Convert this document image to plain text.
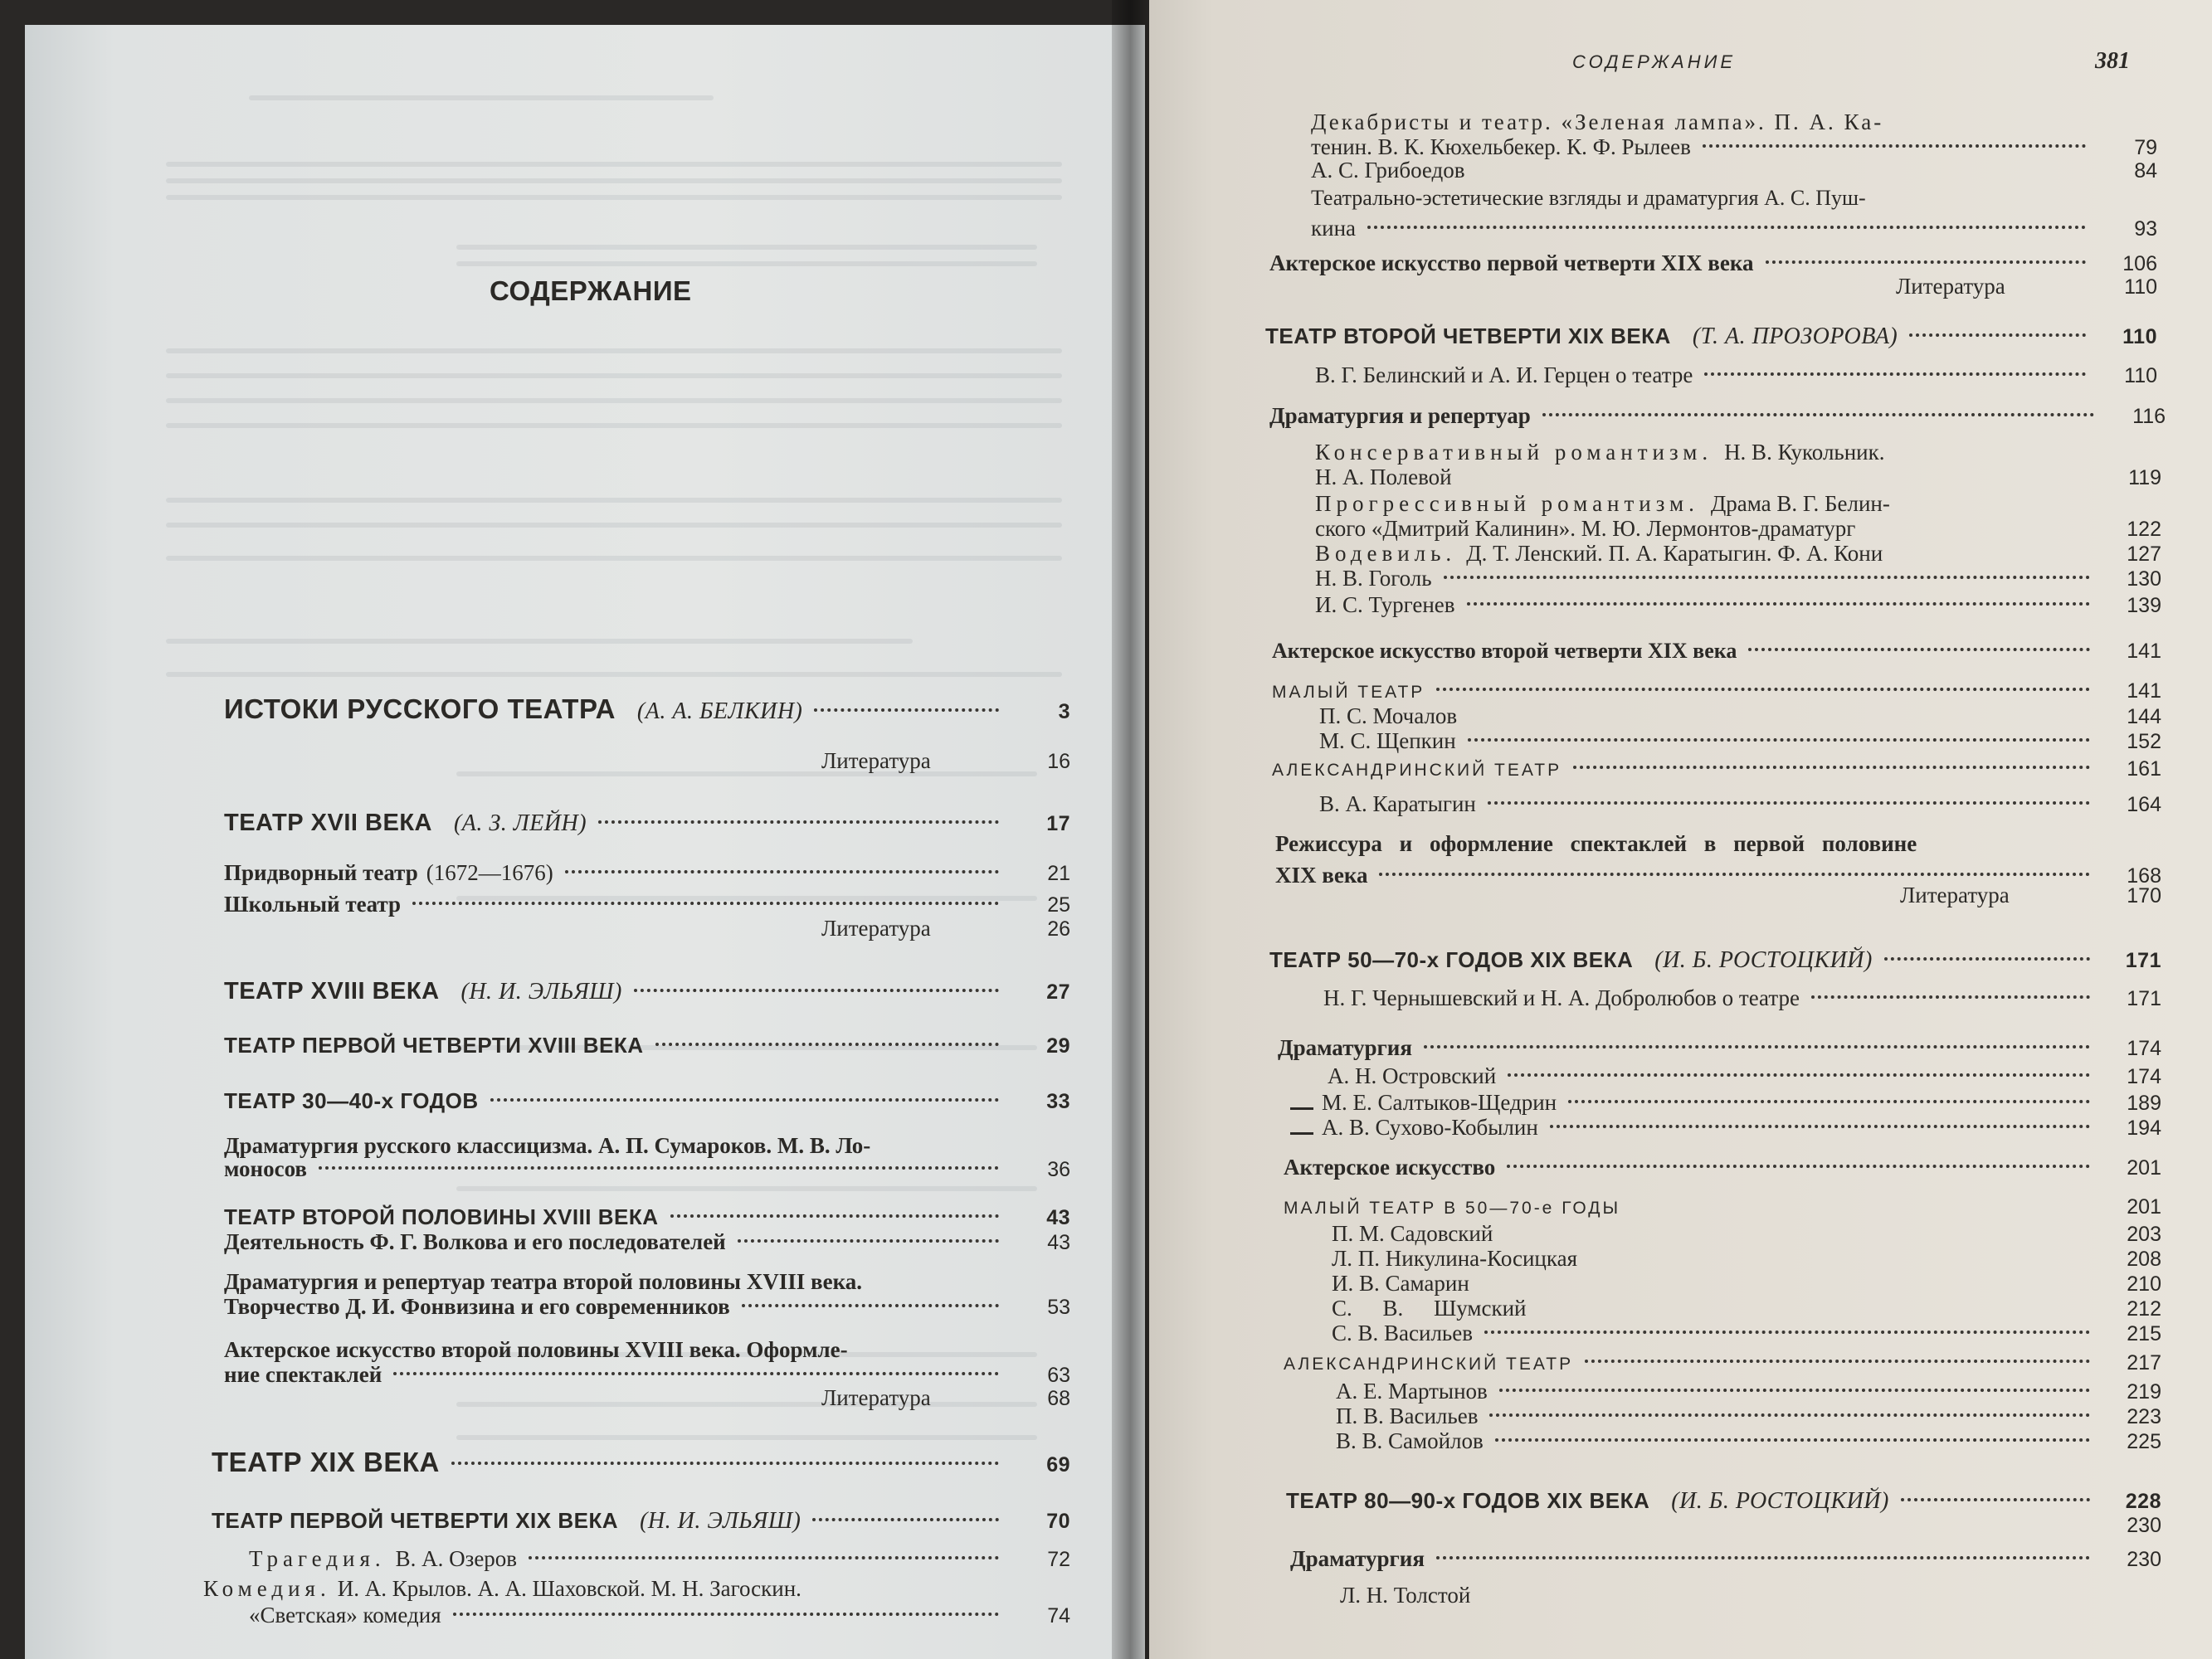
СОДЕРЖАНИЕ
ИСТОКИ РУССКОГО ТЕАТРА (А. А. БЕЛКИН)	3
Литература	16
ТЕАТР XVII ВЕКА (А. З. ЛЕЙН)	17
Придворный театр (1672—1676)	21
Школьный театр	25
Литература	26
ТЕАТР XVIII ВЕКА (Н. И. ЭЛЬЯШ)	27
ТЕАТР ПЕРВОЙ ЧЕТВЕРТИ XVIII ВЕКА	29
ТЕАТР 30—40-х ГОДОВ	33
Драматургия русского классицизма. А. П. Сумароков. М. В. Ло-
моносов	36
ТЕАТР ВТОРОЙ ПОЛОВИНЫ XVIII ВЕКА	43
Деятельность Ф. Г. Волкова и его последователей	43
Драматургия и репертуар театра второй половины XVIII века.
Творчество Д. И. Фонвизина и его современников	53
Актерское искусство второй половины XVIII века. Оформле-
ние спектаклей	63
Литература	68
ТЕАТР XIX ВЕКА	69
ТЕАТР ПЕРВОЙ ЧЕТВЕРТИ XIX ВЕКА (Н. И. ЭЛЬЯШ)	70
Трагедия. В. А. Озеров	72
Комедия. И. А. Крылов. А. А. Шаховской. М. Н. Загоскин.
«Светская» комедия	74
СОДЕРЖАНИЕ	381
Декабристы и театр. «Зеленая лампа». П. А. Ка-
тенин. В. К. Кюхельбекер. К. Ф. Рылеев	79
А. С. Грибоедов	84
Театрально-эстетические взгляды и драматургия А. С. Пуш-
кина	93
Актерское искусство первой четверти XIX века	106
Литература	110
ТЕАТР ВТОРОЙ ЧЕТВЕРТИ XIX ВЕКА (Т. А. ПРОЗОРОВА)	110
В. Г. Белинский и А. И. Герцен о театре	110
Драматургия и репертуар	116
Консервативный романтизм. Н. В. Кукольник.
Н. А. Полевой	119
Прогрессивный романтизм. Драма В. Г. Белин-
ского «Дмитрий Калинин». М. Ю. Лермонтов-драматург	122
Водевиль. Д. Т. Ленский. П. А. Каратыгин. Ф. А. Кони	127
Н. В. Гоголь	130
И. С. Тургенев	139
Актерское искусство второй четверти XIX века	141
МАЛЫЙ ТЕАТР	141
П. С. Мочалов	144
М. С. Щепкин	152
АЛЕКСАНДРИНСКИЙ ТЕАТР	161
В. А. Каратыгин	164
Режиссура и оформление спектаклей в первой половине
XIX века	168
Литература	170
ТЕАТР 50—70-х ГОДОВ XIX ВЕКА (И. Б. РОСТОЦКИЙ)	171
Н. Г. Чернышевский и Н. А. Добролюбов о театре	171
Драматургия	174
А. Н. Островский	174
М. Е. Салтыков-Щедрин	189
А. В. Сухово-Кобылин	194
Актерское искусство	201
МАЛЫЙ ТЕАТР В 50—70-е ГОДЫ	201
П. М. Садовский	203
Л. П. Никулина-Косицкая	208
И. В. Самарин	210
С. В. Шумский	212
С. В. Васильев	215
АЛЕКСАНДРИНСКИЙ ТЕАТР	217
А. Е. Мартынов	219
П. В. Васильев	223
В. В. Самойлов	225
ТЕАТР 80—90-х ГОДОВ XIX ВЕКА (И. Б. РОСТОЦКИЙ)	228
230
Драматургия	230
Л. Н. Толстой
